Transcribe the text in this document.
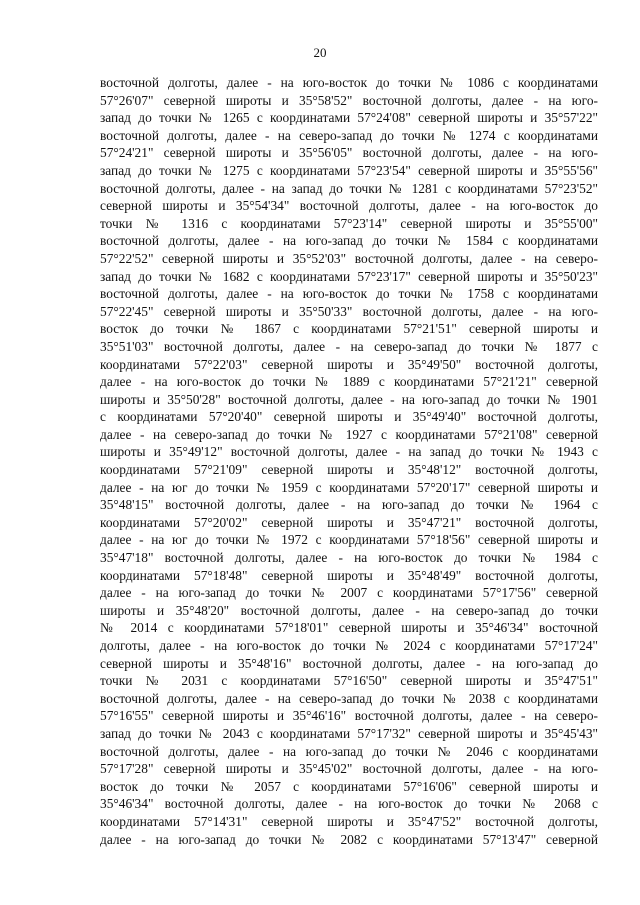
20
восточной долготы, далее - на юго-восток до точки № 1086 с координатами
57°26'07" северной широты и 35°58'52" восточной долготы, далее - на юго-
запад до точки № 1265 с координатами 57°24'08" северной широты и 35°57'22"
восточной долготы, далее - на северо-запад до точки № 1274 с координатами
57°24'21" северной широты и 35°56'05" восточной долготы, далее - на юго-
запад до точки № 1275 с координатами 57°23'54" северной широты и 35°55'56"
восточной долготы, далее - на запад до точки № 1281 с координатами 57°23'52"
северной широты и 35°54'34" восточной долготы, далее - на юго-восток до
точки № 1316 с координатами 57°23'14" северной широты и 35°55'00"
восточной долготы, далее - на юго-запад до точки № 1584 с координатами
57°22'52" северной широты и 35°52'03" восточной долготы, далее - на северо-
запад до точки № 1682 с координатами 57°23'17" северной широты и 35°50'23"
восточной долготы, далее - на юго-восток до точки № 1758 с координатами
57°22'45" северной широты и 35°50'33" восточной долготы, далее - на юго-
восток до точки № 1867 с координатами 57°21'51" северной широты и
35°51'03" восточной долготы, далее - на северо-запад до точки № 1877 с
координатами 57°22'03" северной широты и 35°49'50" восточной долготы,
далее - на юго-восток до точки № 1889 с координатами 57°21'21" северной
широты и 35°50'28" восточной долготы, далее - на юго-запад до точки № 1901
с координатами 57°20'40" северной широты и 35°49'40" восточной долготы,
далее - на северо-запад до точки № 1927 с координатами 57°21'08" северной
широты и 35°49'12" восточной долготы, далее - на запад до точки № 1943 с
координатами 57°21'09" северной широты и 35°48'12" восточной долготы,
далее - на юг до точки № 1959 с координатами 57°20'17" северной широты и
35°48'15" восточной долготы, далее - на юго-запад до точки № 1964 с
координатами 57°20'02" северной широты и 35°47'21" восточной долготы,
далее - на юг до точки № 1972 с координатами 57°18'56" северной широты и
35°47'18" восточной долготы, далее - на юго-восток до точки № 1984 с
координатами 57°18'48" северной широты и 35°48'49" восточной долготы,
далее - на юго-запад до точки № 2007 с координатами 57°17'56" северной
широты и 35°48'20" восточной долготы, далее - на северо-запад до точки
№ 2014 с координатами 57°18'01" северной широты и 35°46'34" восточной
долготы, далее - на юго-восток до точки № 2024 с координатами 57°17'24"
северной широты и 35°48'16" восточной долготы, далее - на юго-запад до
точки № 2031 с координатами 57°16'50" северной широты и 35°47'51"
восточной долготы, далее - на северо-запад до точки № 2038 с координатами
57°16'55" северной широты и 35°46'16" восточной долготы, далее - на северо-
запад до точки № 2043 с координатами 57°17'32" северной широты и 35°45'43"
восточной долготы, далее - на юго-запад до точки № 2046 с координатами
57°17'28" северной широты и 35°45'02" восточной долготы, далее - на юго-
восток до точки № 2057 с координатами 57°16'06" северной широты и
35°46'34" восточной долготы, далее - на юго-восток до точки № 2068 с
координатами 57°14'31" северной широты и 35°47'52" восточной долготы,
далее - на юго-запад до точки № 2082 с координатами 57°13'47" северной
